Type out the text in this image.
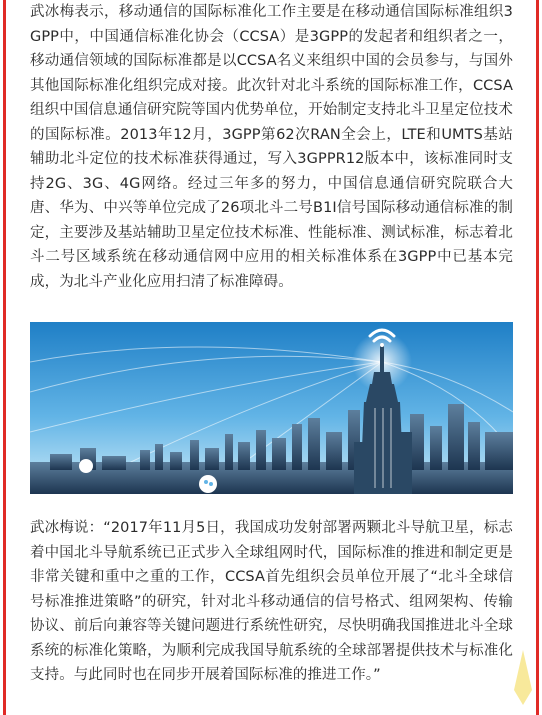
武冰梅表示，移动通信的国际标准化工作主要是在移动通信国际标准组织3GPP中，中国通信标准化协会（CCSA）是3GPP的发起者和组织者之一，移动通信领域的国际标准都是以CCSA名义来组织中国的会员参与，与国外其他国际标准化组织完成对接。此次针对北斗系统的国际标准工作，CCSA组织中国信息通信研究院等国内优势单位，开始制定支持北斗卫星定位技术的国际标准。2013年12月，3GPP第62次RAN全会上，LTE和UMTS基站辅助北斗定位的技术标准获得通过，写入3GPPR12版本中，该标准同时支持2G、3G、4G网络。经过三年多的努力，中国信息通信研究院联合大唐、华为、中兴等单位完成了26项北斗二号B1I信号国际移动通信标准的制定，主要涉及基站辅助卫星定位技术标准、性能标准、测试标准，标志着北斗二号区域系统在移动通信网中应用的相关标准体系在3GPP中已基本完成，为北斗产业化应用扫清了标准障碍。

武冰梅说：“2017年11月5日，我国成功发射部署两颗北斗导航卫星，标志着中国北斗导航系统已正式步入全球组网时代，国际标准的推进和制定更是非常关键和重中之重的工作，CCSA首先组织会员单位开展了“北斗全球信号标准推进策略”的研究，针对北斗移动通信的信号格式、组网架构、传输协议、前后向兼容等关键问题进行系统性研究，尽快明确我国推进北斗全球系统的标准化策略，为顺利完成我国导航系统的全球部署提供技术与标准化支持。与此同时也在同步开展着国际标准的推进工作。”
